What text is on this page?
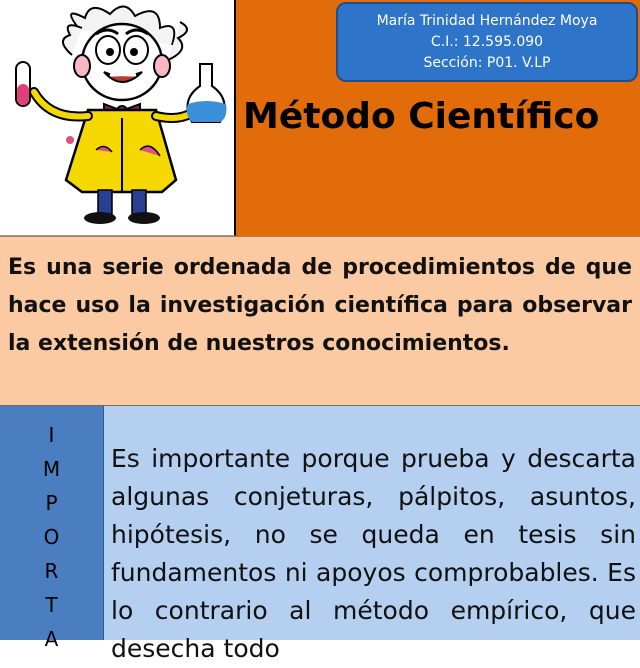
María Trinidad Hernández Moya
C.I.: 12.595.090
Sección: P01. V.LP
Método Científico

Es una serie ordenada de procedimientos de que hace uso la investigación científica para observar la extensión de nuestros conocimientos.

I
M
P
O
R
T
A

Es importante porque prueba y descarta algunas conjeturas, pálpitos, asuntos, hipótesis, no se queda en tesis sin fundamentos ni apoyos comprobables. Es lo contrario al método empírico, que desecha todo
